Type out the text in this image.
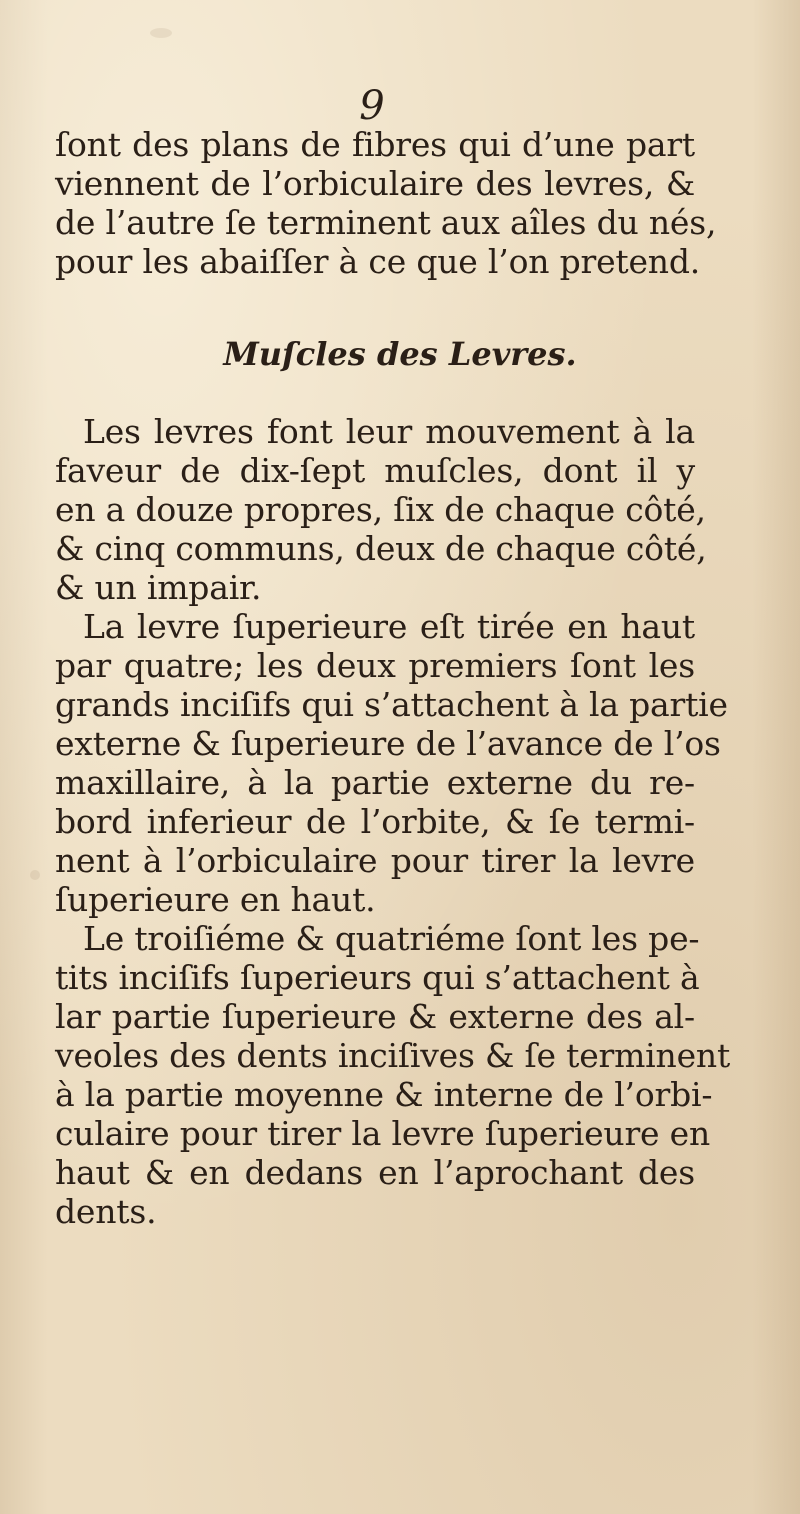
9
ſont des plans de fibres qui d’une part
viennent de l’orbiculaire des levres, &
de l’autre ſe terminent aux aîles du nés,
pour les abaiſſer à ce que l’on pretend.
Muſcles des Levres.
Les levres font leur mouvement à la
faveur de dix-ſept muſcles, dont il y
en a douze propres, ſix de chaque côté,
& cinq communs, deux de chaque côté,
& un impair.
La levre ſuperieure eſt tirée en haut
par quatre; les deux premiers ſont les
grands inciſifs qui s’attachent à la partie
externe & ſuperieure de l’avance de l’os
maxillaire, à la partie externe du re-
bord inferieur de l’orbite, & ſe termi-
nent à l’orbiculaire pour tirer la levre
ſuperieure en haut.
Le troiſiéme & quatriéme ſont les pe-
tits inciſifs ſuperieurs qui s’attachent à
lar partie ſuperieure & externe des al-
veoles des dents inciſives & ſe terminent
à la partie moyenne & interne de l’orbi-
culaire pour tirer la levre ſuperieure en
haut & en dedans en l’aprochant des
dents.
